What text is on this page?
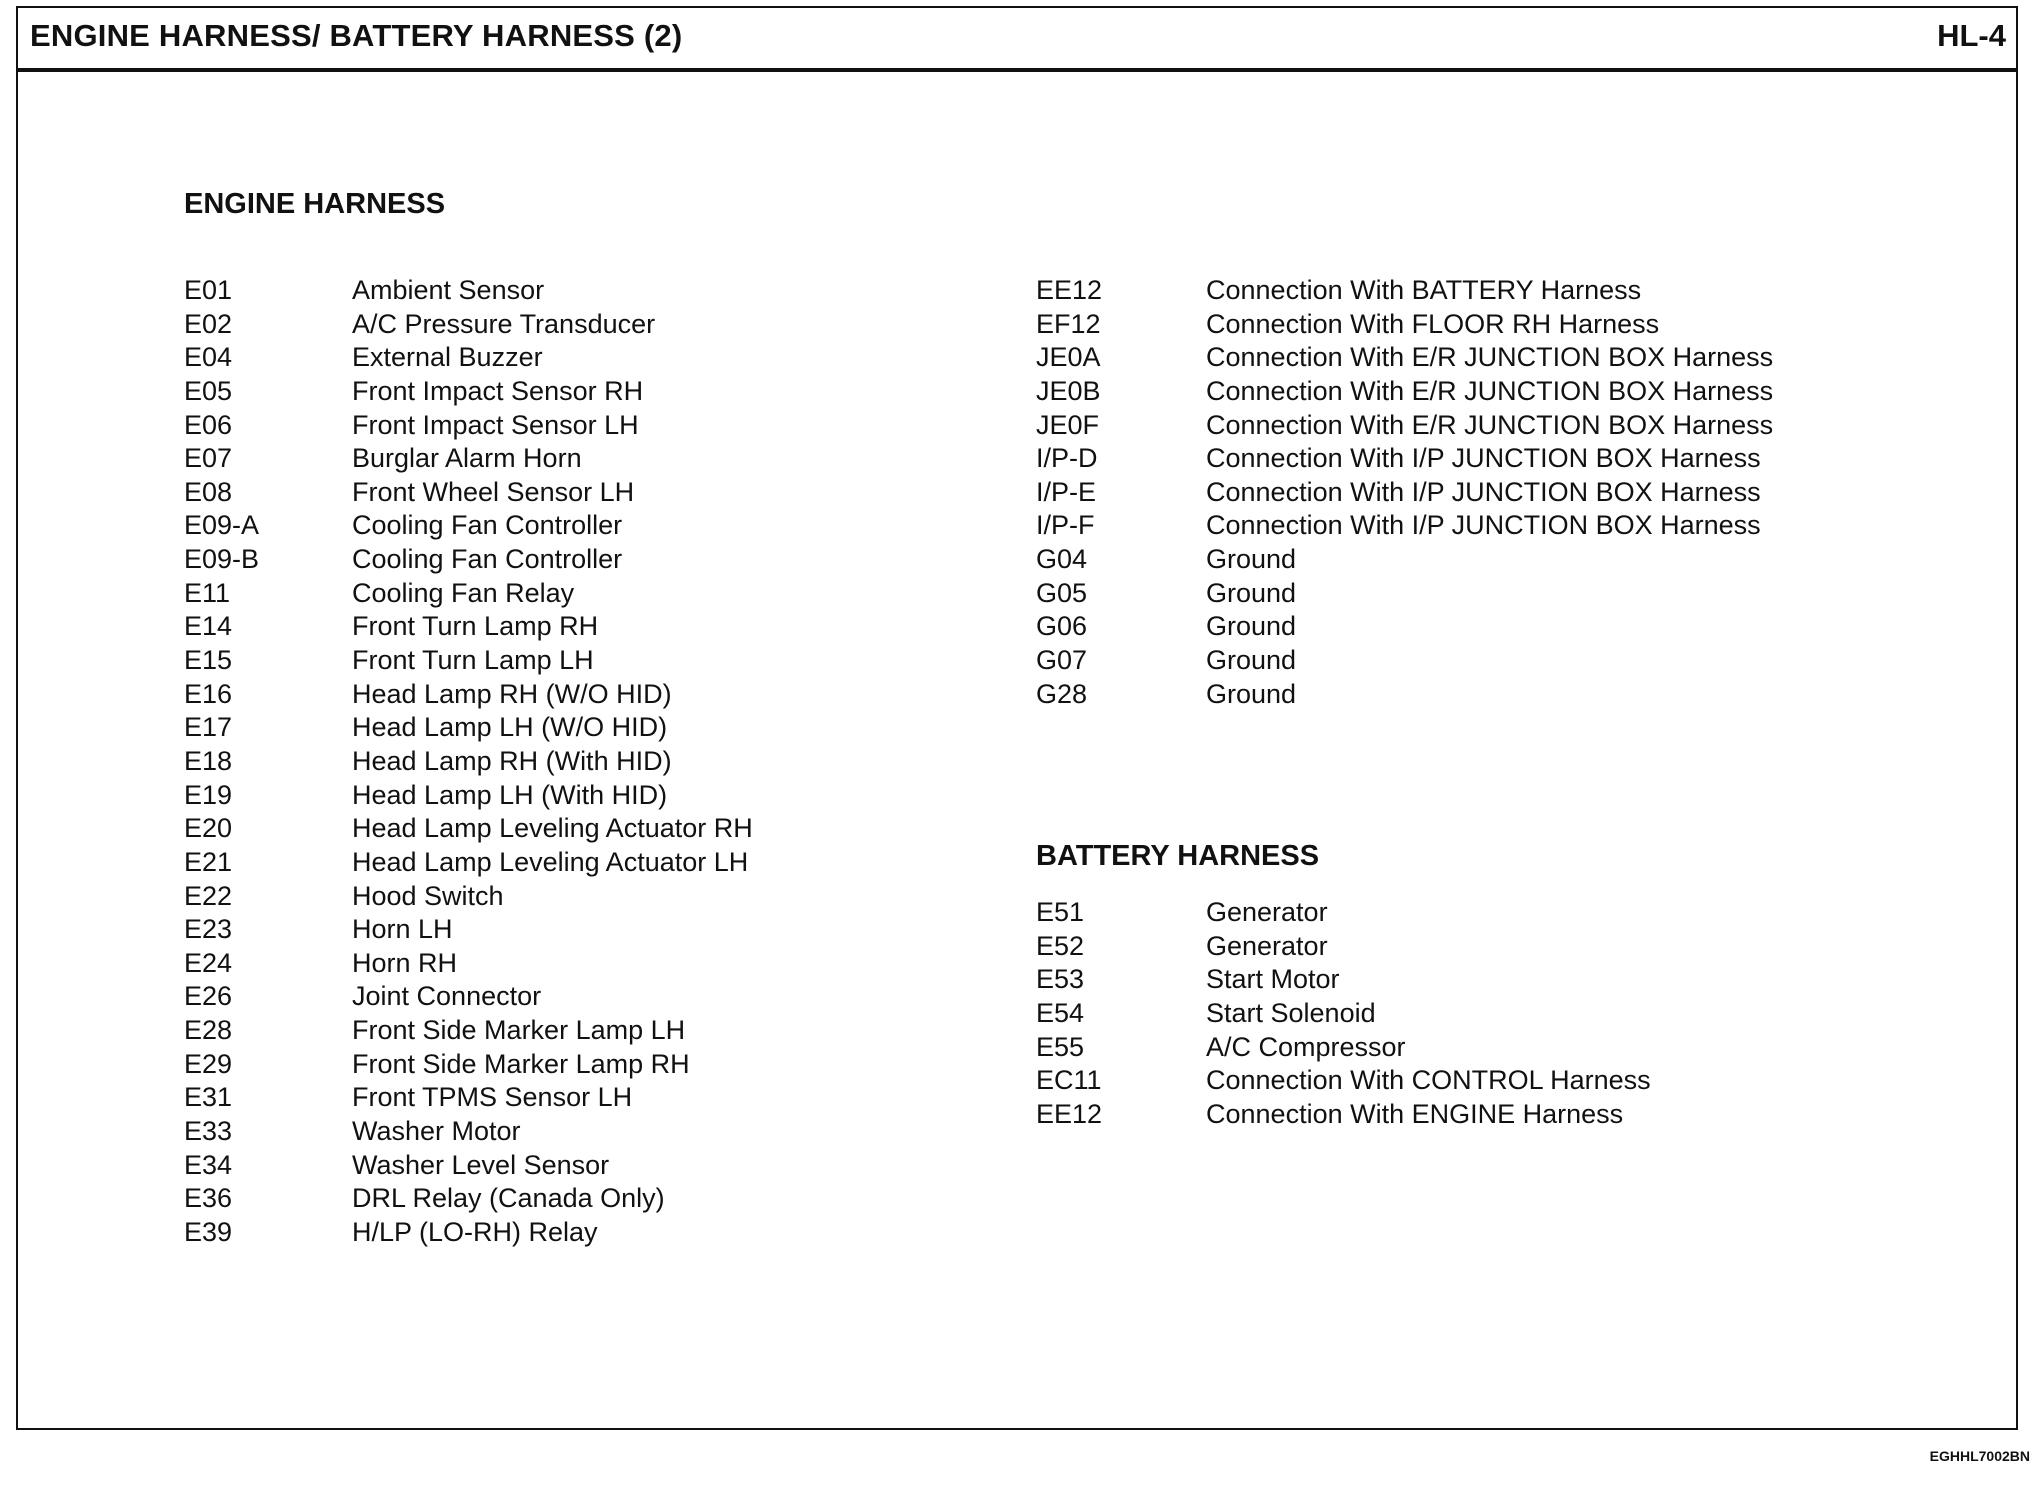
ENGINE HARNESS/ BATTERY HARNESS (2)	HL-4
ENGINE HARNESS
E01	Ambient Sensor
E02	A/C Pressure Transducer
E04	External Buzzer
E05	Front Impact Sensor RH
E06	Front Impact Sensor LH
E07	Burglar Alarm Horn
E08	Front Wheel Sensor LH
E09-A	Cooling Fan Controller
E09-B	Cooling Fan Controller
E11	Cooling Fan Relay
E14	Front Turn Lamp RH
E15	Front Turn Lamp LH
E16	Head Lamp RH (W/O HID)
E17	Head Lamp LH (W/O HID)
E18	Head Lamp RH (With HID)
E19	Head Lamp LH (With HID)
E20	Head Lamp Leveling Actuator RH
E21	Head Lamp Leveling Actuator LH
E22	Hood Switch
E23	Horn LH
E24	Horn RH
E26	Joint Connector
E28	Front Side Marker Lamp LH
E29	Front Side Marker Lamp RH
E31	Front TPMS Sensor LH
E33	Washer Motor
E34	Washer Level Sensor
E36	DRL Relay (Canada Only)
E39	H/LP (LO-RH) Relay
EE12	Connection With BATTERY Harness
EF12	Connection With FLOOR RH Harness
JE0A	Connection With E/R JUNCTION BOX Harness
JE0B	Connection With E/R JUNCTION BOX Harness
JE0F	Connection With E/R JUNCTION BOX Harness
I/P-D	Connection With I/P JUNCTION BOX Harness
I/P-E	Connection With I/P JUNCTION BOX Harness
I/P-F	Connection With I/P JUNCTION BOX Harness
G04	Ground
G05	Ground
G06	Ground
G07	Ground
G28	Ground
BATTERY HARNESS
E51	Generator
E52	Generator
E53	Start Motor
E54	Start Solenoid
E55	A/C Compressor
EC11	Connection With CONTROL Harness
EE12	Connection With ENGINE Harness
EGHHL7002BN
